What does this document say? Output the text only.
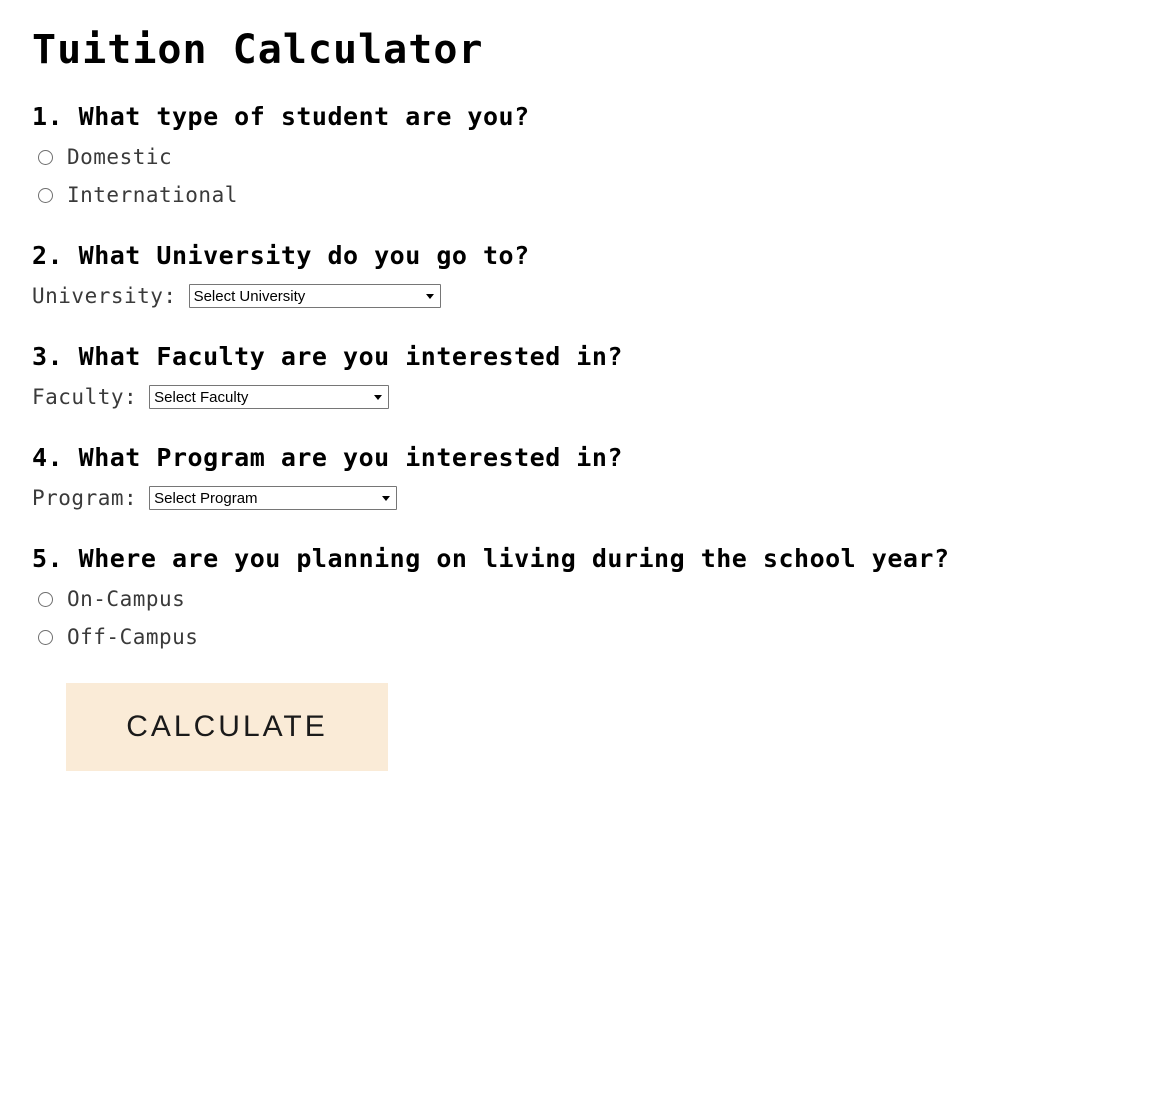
Tuition Calculator
1. What type of student are you?
Domestic
International
2. What University do you go to?
University: Select University
3. What Faculty are you interested in?
Faculty: Select Faculty
4. What Program are you interested in?
Program: Select Program
5. Where are you planning on living during the school year?
On-Campus
Off-Campus
CALCULATE
